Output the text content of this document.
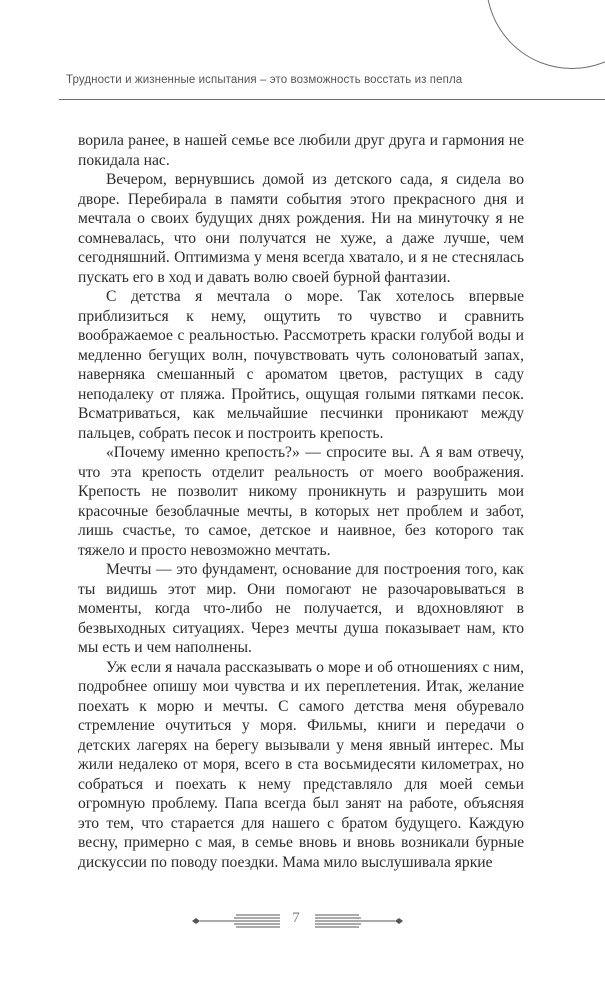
Трудности и жизненные испытания – это возможность восстать из пепла

ворила ранее, в нашей семье все любили друг друга и гармония не покидала нас.

Вечером, вернувшись домой из детского сада, я сидела во дворе. Перебирала в памяти события этого прекрасного дня и мечтала о своих будущих днях рождения. Ни на минуточку я не сомневалась, что они получатся не хуже, а даже лучше, чем сегодняшний. Оптимизма у меня всегда хватало, и я не стеснялась пускать его в ход и давать волю своей бурной фантазии.

С детства я мечтала о море. Так хотелось впервые приблизиться к нему, ощутить то чувство и сравнить воображаемое с реальностью. Рассмотреть краски голубой воды и медленно бегущих волн, почувствовать чуть солоноватый запах, наверняка смешанный с ароматом цветов, растущих в саду неподалеку от пляжа. Пройтись, ощущая голыми пятками песок. Всматриваться, как мельчайшие песчинки проникают между пальцев, собрать песок и построить крепость.

«Почему именно крепость?» — спросите вы. А я вам отвечу, что эта крепость отделит реальность от моего воображения. Крепость не позволит никому проникнуть и разрушить мои красочные безоблачные мечты, в которых нет проблем и забот, лишь счастье, то самое, детское и наивное, без которого так тяжело и просто невозможно мечтать.

Мечты — это фундамент, основание для построения того, как ты видишь этот мир. Они помогают не разочаровываться в моменты, когда что-либо не получается, и вдохновляют в безвыходных ситуациях. Через мечты душа показывает нам, кто мы есть и чем наполнены.

Уж если я начала рассказывать о море и об отношениях с ним, подробнее опишу мои чувства и их переплетения. Итак, желание поехать к морю и мечты. С самого детства меня обуревало стремление очутиться у моря. Фильмы, книги и передачи о детских лагерях на берегу вызывали у меня явный интерес. Мы жили недалеко от моря, всего в ста восьмидесяти километрах, но собраться и поехать к нему представляло для моей семьи огромную проблему. Папа всегда был занят на работе, объясняя это тем, что старается для нашего с братом будущего. Каждую весну, примерно с мая, в семье вновь и вновь возникали бурные дискуссии по поводу поездки. Мама мило выслушивала яркие

7
